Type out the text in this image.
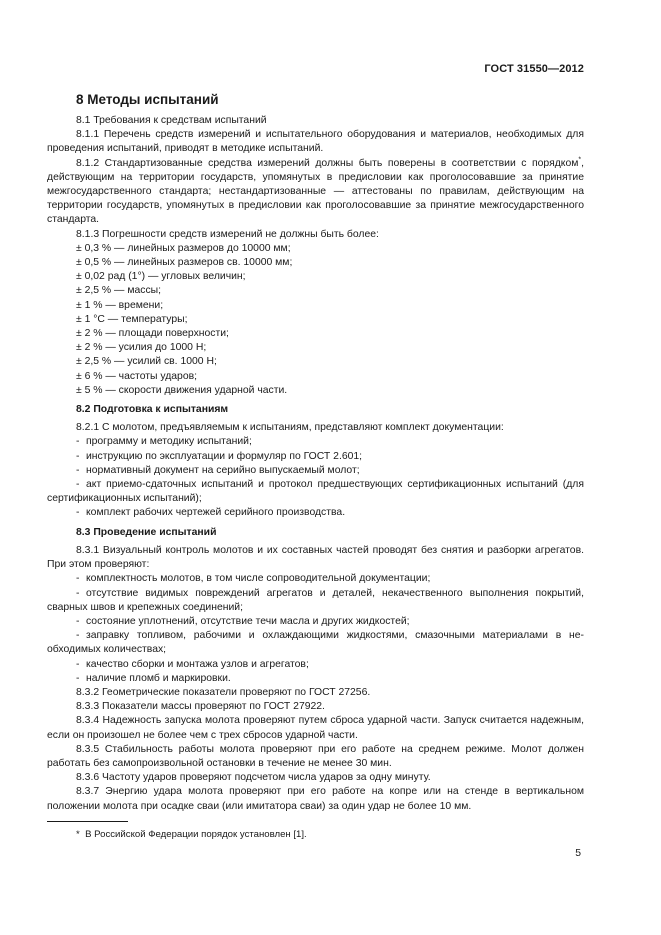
ГОСТ 31550—2012
8 Методы испытаний

8.1 Требования к средствам испытаний

8.1.1 Перечень средств измерений и испытательного оборудования и материалов, необходимых для проведения испытаний, приводят в методике испытаний.

8.1.2 Стандартизованные средства измерений должны быть поверены в соответствии с порядком*, действующим на территории государств, упомянутых в предисловии как проголосовавшие за принятие межгосударственного стандарта; нестандартизованные — аттестованы по правилам, действующим на территории государств, упомянутых в предисловии как проголосовавшие за принятие межгосударственного стандарта.

8.1.3 Погрешности средств измерений не должны быть более:

± 0,3 % — линейных размеров до 10000 мм;

± 0,5 % — линейных размеров св. 10000 мм;

± 0,02 рад (1°) — угловых величин;

± 2,5 % — массы;

± 1 % — времени;

± 1 °С — температуры;

± 2 % — площади поверхности;

± 2 % — усилия до 1000 Н;

± 2,5 % — усилий св. 1000 Н;

± 6 % — частоты ударов;

± 5 % — скорости движения ударной части.

8.2 Подготовка к испытаниям

8.2.1 С молотом, предъявляемым к испытаниям, представляют комплект документации:

- программу и методику испытаний;

- инструкцию по эксплуатации и формуляр по ГОСТ 2.601;

- нормативный документ на серийно выпускаемый молот;

- акт приемо-сдаточных испытаний и протокол предшествующих сертификационных испытаний (для сертификационных испытаний);

- комплект рабочих чертежей серийного производства.

8.3 Проведение испытаний

8.3.1 Визуальный контроль молотов и их составных частей проводят без снятия и разборки агрегатов. При этом проверяют:

- комплектность молотов, в том числе сопроводительной документации;

- отсутствие видимых повреждений агрегатов и деталей, некачественного выполнения покрытий, сварных швов и крепежных соединений;

- состояние уплотнений, отсутствие течи масла и других жидкостей;

- заправку топливом, рабочими и охлаждающими жидкостями, смазочными материалами в необходимых количествах;

- качество сборки и монтажа узлов и агрегатов;

- наличие пломб и маркировки.

8.3.2 Геометрические показатели проверяют по ГОСТ 27256.

8.3.3 Показатели массы проверяют по ГОСТ 27922.

8.3.4 Надежность запуска молота проверяют путем сброса ударной части. Запуск считается надежным, если он произошел не более чем с трех сбросов ударной части.

8.3.5 Стабильность работы молота проверяют при его работе на среднем режиме. Молот должен работать без самопроизвольной остановки в течение не менее 30 мин.

8.3.6 Частоту ударов проверяют подсчетом числа ударов за одну минуту.

8.3.7 Энергию удара молота проверяют при его работе на копре или на стенде в вертикальном положении молота при осадке сваи (или имитатора сваи) за один удар не более 10 мм.

* В Российской Федерации порядок установлен [1].
5
